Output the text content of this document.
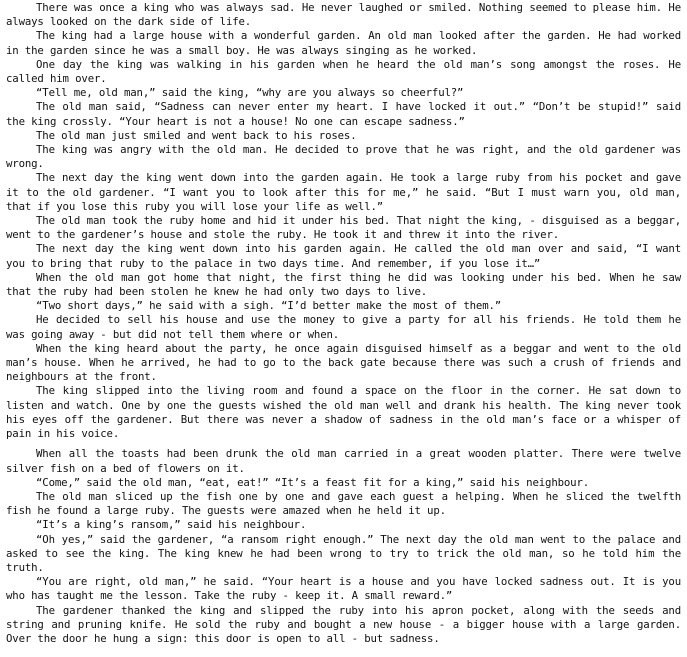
There was once a king who was always sad. He never laughed or smiled. Nothing seemed to please him. He always looked on the dark side of life.

The king had a large house with a wonderful garden. An old man looked after the garden. He had worked in the garden since he was a small boy. He was always singing as he worked.

One day the king was walking in his garden when he heard the old man’s song amongst the roses. He called him over.

“Tell me, old man,” said the king, “why are you always so cheerful?”

The old man said, “Sadness can never enter my heart. I have locked it out.” “Don’t be stupid!” said the king crossly. “Your heart is not a house! No one can escape sadness.”

The old man just smiled and went back to his roses.

The king was angry with the old man. He decided to prove that he was right, and the old gardener was wrong.

The next day the king went down into the garden again. He took a large ruby from his pocket and gave it to the old gardener. “I want you to look after this for me,” he said. “But I must warn you, old man, that if you lose this ruby you will lose your life as well.”

The old man took the ruby home and hid it under his bed. That night the king, - disguised as a beggar, went to the gardener’s house and stole the ruby. He took it and threw it into the river.

The next day the king went down into his garden again. He called the old man over and said, “I want you to bring that ruby to the palace in two days time. And remember, if you lose it…”

When the old man got home that night, the first thing he did was looking under his bed. When he saw that the ruby had been stolen he knew he had only two days to live.

“Two short days,” he said with a sigh. “I’d better make the most of them.”

He decided to sell his house and use the money to give a party for all his friends. He told them he was going away - but did not tell them where or when.

When the king heard about the party, he once again disguised himself as a beggar and went to the old man’s house. When he arrived, he had to go to the back gate because there was such a crush of friends and neighbours at the front.

The king slipped into the living room and found a space on the floor in the corner. He sat down to listen and watch. One by one the guests wished the old man well and drank his health. The king never took his eyes off the gardener. But there was never a shadow of sadness in the old man’s face or a whisper of pain in his voice.

When all the toasts had been drunk the old man carried in a great wooden platter. There were twelve silver fish on a bed of flowers on it.

“Come,” said the old man, “eat, eat!” “It’s a feast fit for a king,” said his neighbour.

The old man sliced up the fish one by one and gave each guest a helping. When he sliced the twelfth fish he found a large ruby. The guests were amazed when he held it up.

“It’s a king’s ransom,” said his neighbour.

“Oh yes,” said the gardener, “a ransom right enough.” The next day the old man went to the palace and asked to see the king. The king knew he had been wrong to try to trick the old man, so he told him the truth.

“You are right, old man,” he said. “Your heart is a house and you have locked sadness out. It is you who has taught me the lesson. Take the ruby - keep it. A small reward.”

The gardener thanked the king and slipped the ruby into his apron pocket, along with the seeds and string and pruning knife. He sold the ruby and bought a new house - a bigger house with a large garden. Over the door he hung a sign: this door is open to all - but sadness.
